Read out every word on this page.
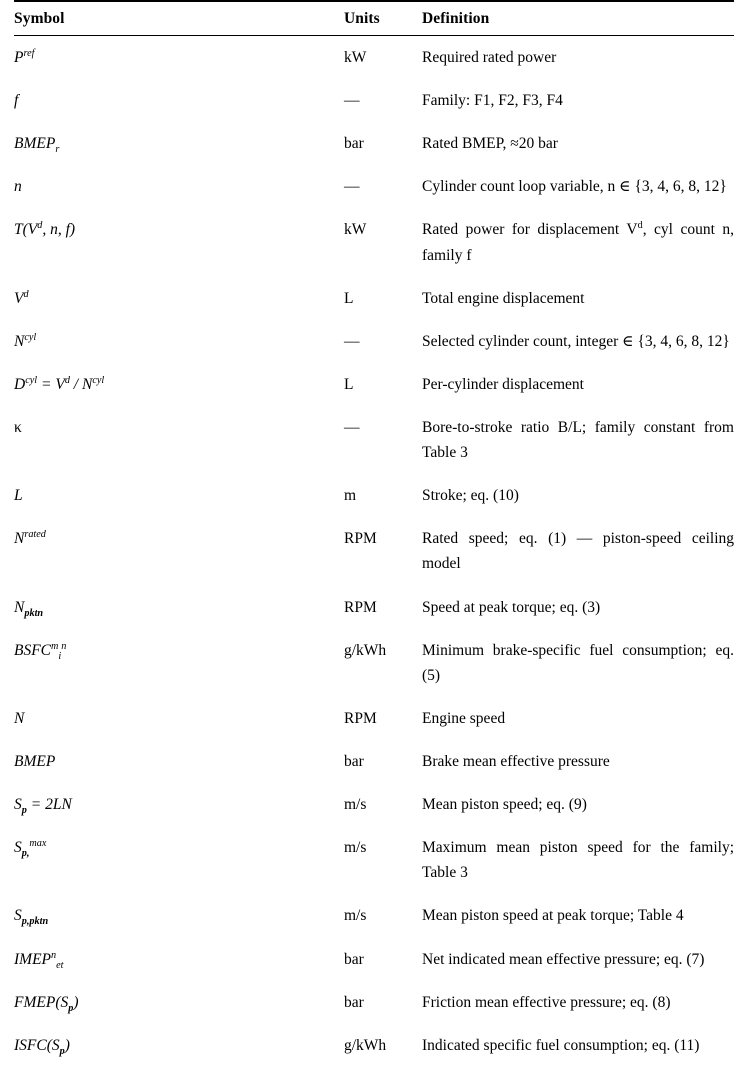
Symbol	Units	Definition
$P^{ref}$	kW	Required rated power
f	—	Family: F1, F2, F3, F4
$BMEP_r$	bar	Rated BMEP, ≈20 bar
n	—	Cylinder count loop variable, n ∈ {3, 4, 6, 8, 12}
$T(V^d$, n, f)	kW	Rated power for displacement $V^d$, cyl count n, family f
$V^d$	L	Total engine displacement
$N^{cyl}$	—	Selected cylinder count, integer ∈ {3, 4, 6, 8, 12}
$D^{cyl} = V^d / N^{cyl}$	L	Per-cylinder displacement
κ	—	Bore-to-stroke ratio B/L; family constant from Table 3
L	m	Stroke; eq. (10)
$N^{rated}$	RPM	Rated speed; eq. (1) — piston-speed ceiling model
$N_{pktn}$	RPM	Speed at peak torque; eq. (3)
$BSFC^m_i^n$	g/kWh	Minimum brake-specific fuel consumption; eq. (5)
N	RPM	Engine speed
BMEP	bar	Brake mean effective pressure
$S_p = 2LN$	m/s	Mean piston speed; eq. (9)
$S_{p,}^{max}$	m/s	Maximum mean piston speed for the family; Table 3
$S_{p,pktn}$	m/s	Mean piston speed at peak torque; Table 4
$IMEP^n_{et}$	bar	Net indicated mean effective pressure; eq. (7)
$FMEP(S_p)$	bar	Friction mean effective pressure; eq. (8)
$ISFC(S_p)$	g/kWh	Indicated specific fuel consumption; eq. (11)
